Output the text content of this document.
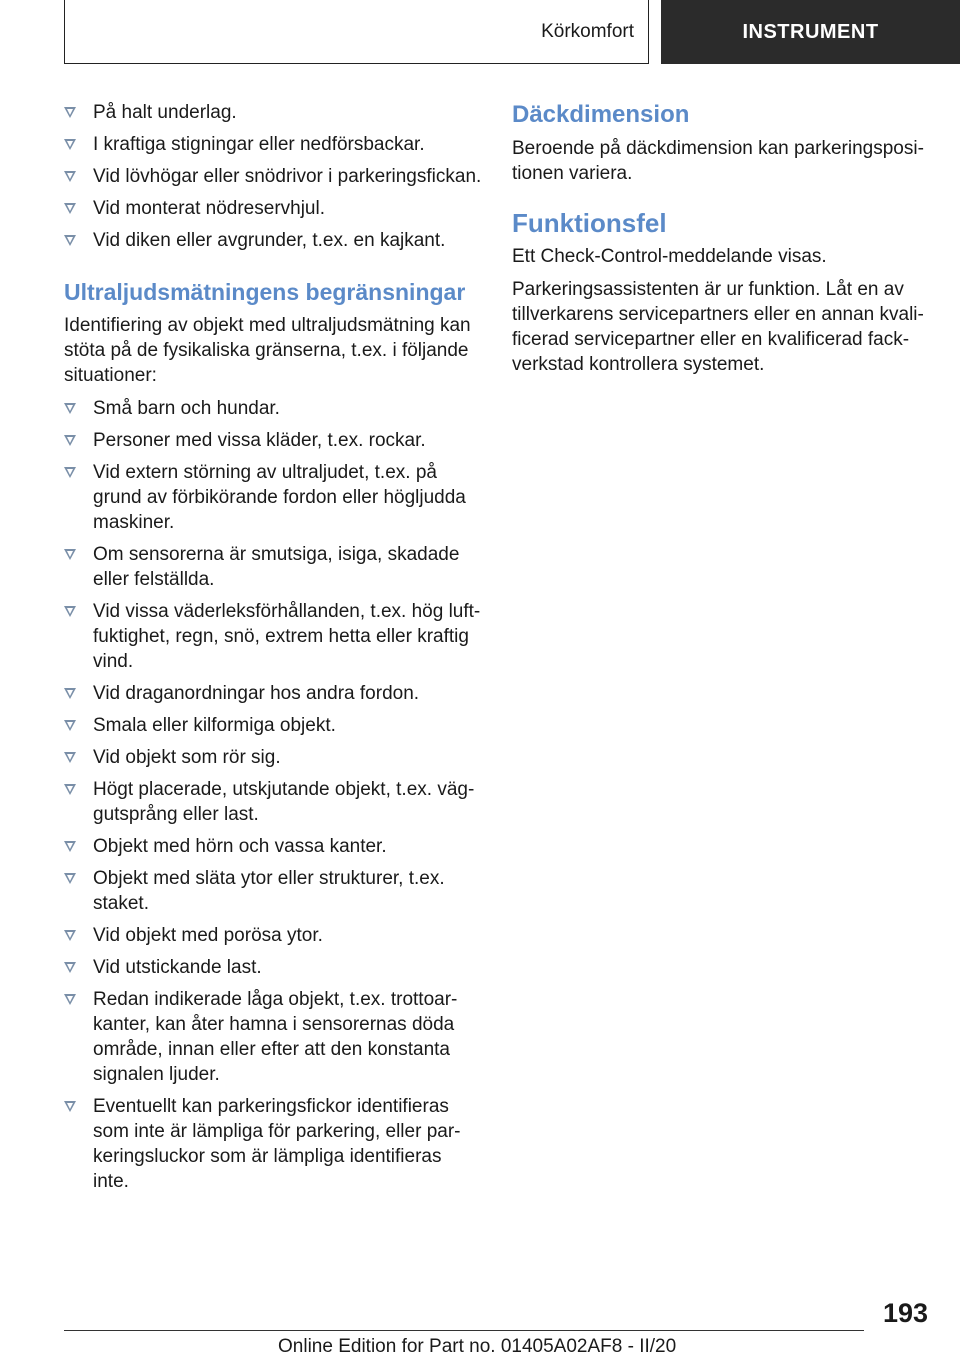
Körkomfort	INSTRUMENT
På halt underlag.
I kraftiga stigningar eller nedförsbackar.
Vid lövhögar eller snödrivor i parkeringsfickan.
Vid monterat nödreservhjul.
Vid diken eller avgrunder, t.ex. en kajkant.
Ultraljudsmätningens begränsningar

Identifiering av objekt med ultraljudsmätning kan stöta på de fysikaliska gränserna, t.ex. i följande situationer:

Små barn och hundar.
Personer med vissa kläder, t.ex. rockar.
Vid extern störning av ultraljudet, t.ex. på grund av förbikörande fordon eller högljudda maskiner.
Om sensorerna är smutsiga, isiga, skadade eller felställda.
Vid vissa väderleksförhållanden, t.ex. hög luft-fuktighet, regn, snö, extrem hetta eller kraftig vind.
Vid draganordningar hos andra fordon.
Smala eller kilformiga objekt.
Vid objekt som rör sig.
Högt placerade, utskjutande objekt, t.ex. väg-gutsprång eller last.
Objekt med hörn och vassa kanter.
Objekt med släta ytor eller strukturer, t.ex. staket.
Vid objekt med porösa ytor.
Vid utstickande last.
Redan indikerade låga objekt, t.ex. trottoar-kanter, kan åter hamna i sensorernas döda område, innan eller efter att den konstanta signalen ljuder.
Eventuellt kan parkeringsfickor identifieras som inte är lämpliga för parkering, eller par-keringsluckor som är lämpliga identifieras inte.
Däckdimension

Beroende på däckdimension kan parkeringsposi-tionen variera.

Funktionsfel

Ett Check-Control-meddelande visas.

Parkeringsassistenten är ur funktion. Låt en av tillverkarens servicepartners eller en annan kvali-ficerad servicepartner eller en kvalificerad fack-verkstad kontrollera systemet.

193
Online Edition for Part no. 01405A02AF8 - II/20
